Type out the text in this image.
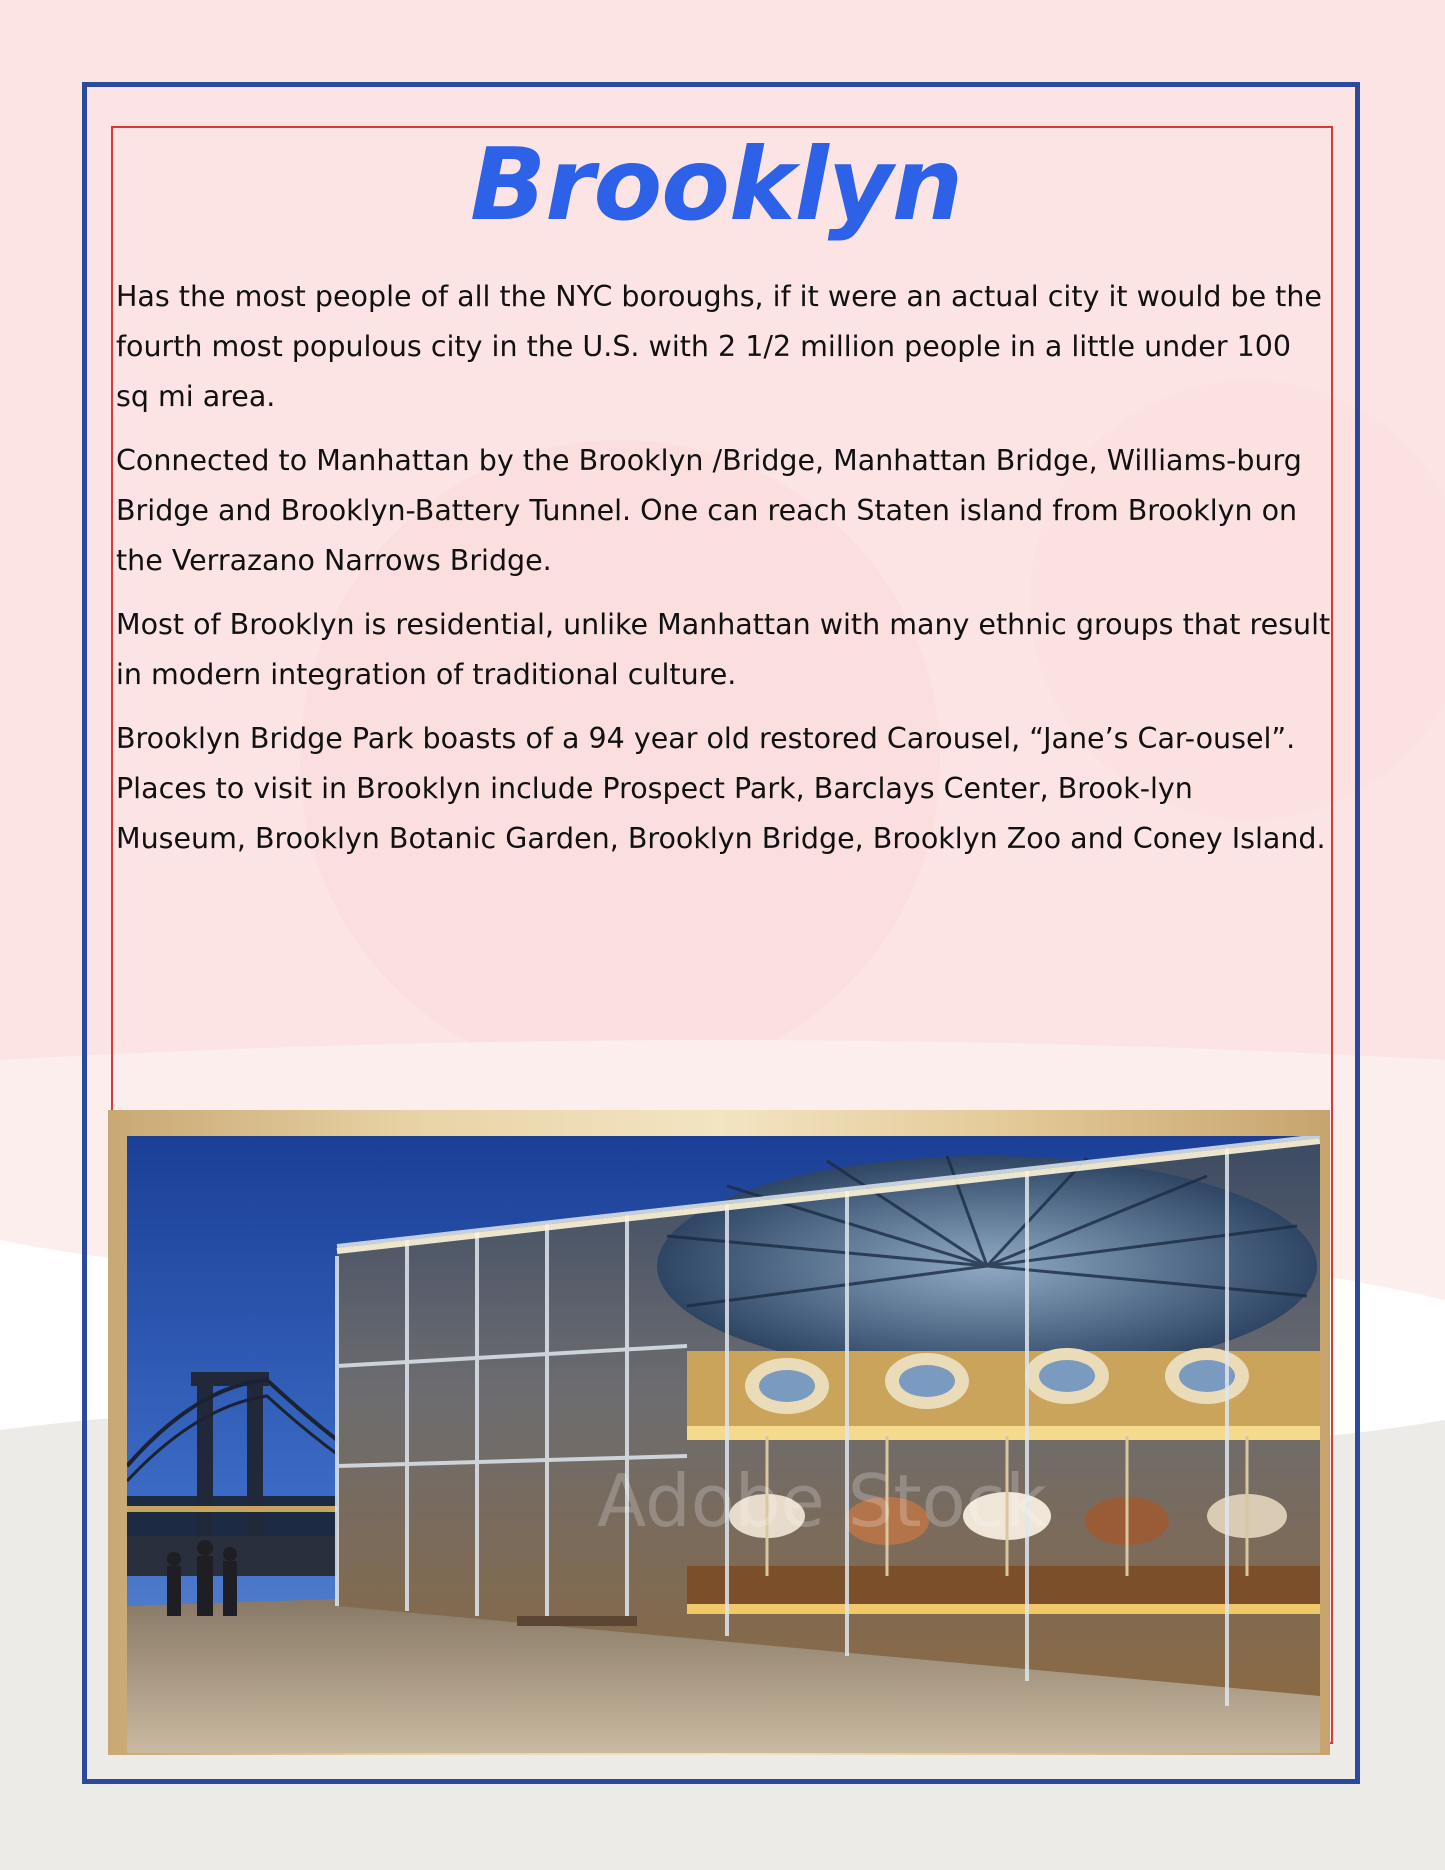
Brooklyn

Has the most people of all the NYC boroughs, if it were an actual city it would be the fourth most populous city in the U.S. with 2 1/2 million people in a little under 100 sq mi area.

Connected to Manhattan by the Brooklyn /Bridge, Manhattan Bridge, Williams-burg Bridge and Brooklyn-Battery Tunnel. One can reach Staten island from Brooklyn on the Verrazano Narrows Bridge.

Most of Brooklyn is residential, unlike Manhattan with many ethnic groups that result in modern integration of traditional culture.

Brooklyn Bridge Park boasts of a 94 year old restored Carousel, “Jane’s Car-ousel”. Places to visit in Brooklyn include Prospect Park, Barclays Center, Brook-lyn Museum, Brooklyn Botanic Garden, Brooklyn Bridge, Brooklyn Zoo and Coney Island.

Adobe Stock
